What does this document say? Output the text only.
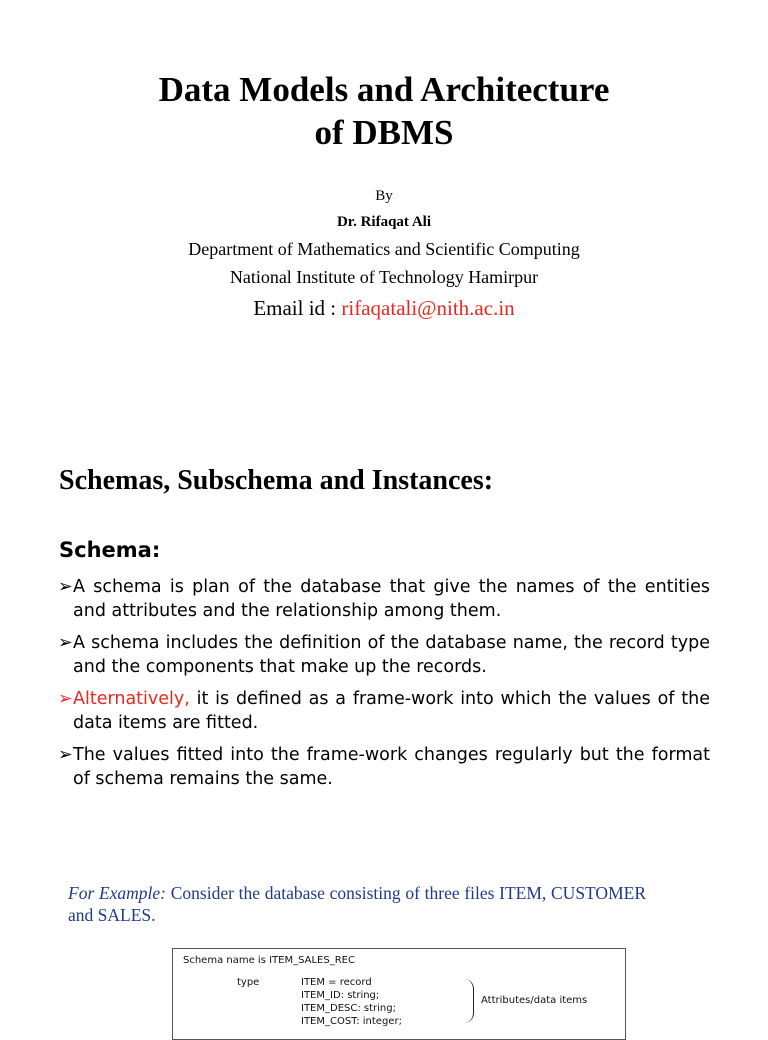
Data Models and Architecture
of DBMS
By
Dr. Rifaqat Ali
Department of Mathematics and Scientific Computing
National Institute of Technology Hamirpur
Email id : rifaqatali@nith.ac.in
Schemas, Subschema and Instances:
Schema:
➢ A schema is plan of the database that give the names of the entities and attributes and the relationship among them.
➢ A schema includes the definition of the database name, the record type and the components that make up the records.
➢ Alternatively, it is defined as a frame-work into which the values of the data items are fitted.
➢ The values fitted into the frame-work changes regularly but the format of schema remains the same.
For Example: Consider the database consisting of three files ITEM, CUSTOMER and SALES.
Schema name is ITEM_SALES_REC
type	ITEM = record
ITEM_ID: string;
ITEM_DESC: string;
ITEM_COST: integer;
Attributes/data items
